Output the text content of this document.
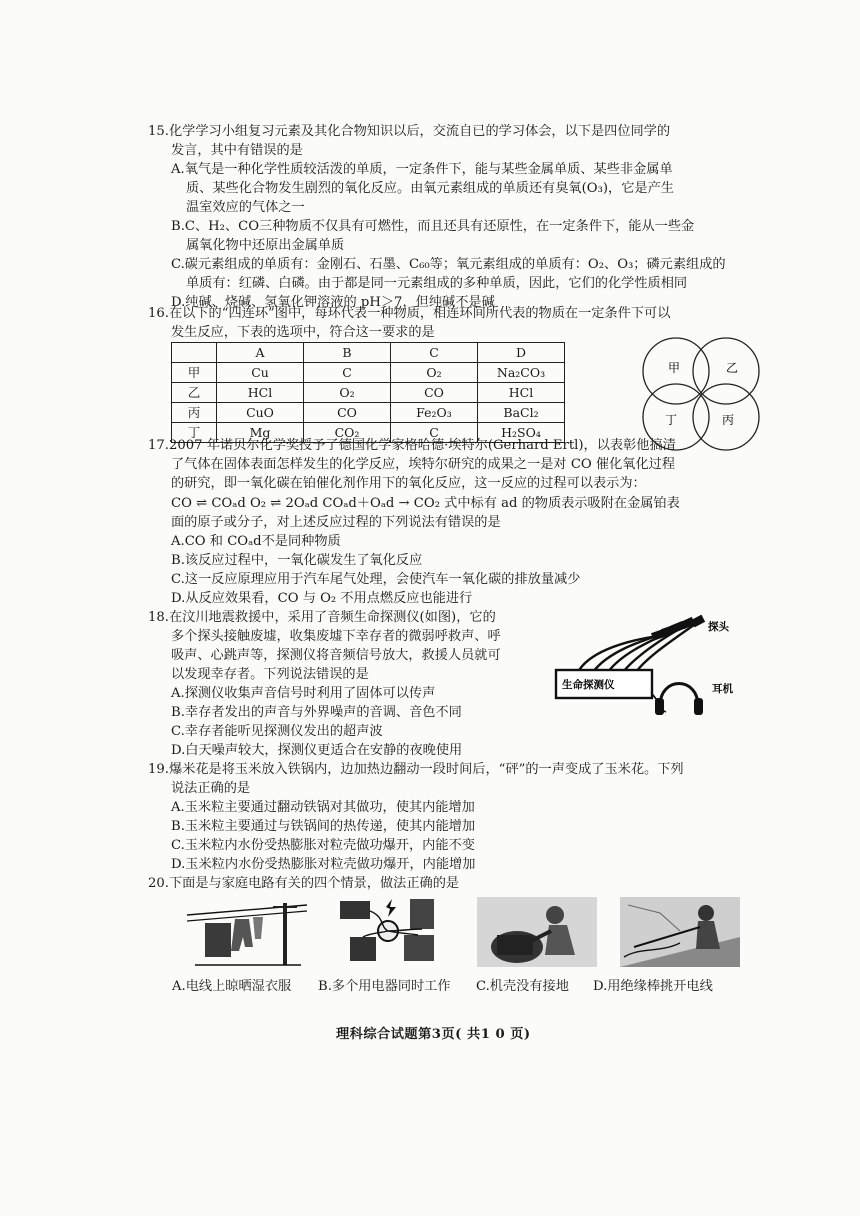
15.化学学习小组复习元素及其化合物知识以后，交流自已的学习体会，以下是四位同学的
发言，其中有错误的是
A.氧气是一种化学性质较活泼的单质，一定条件下，能与某些金属单质、某些非金属单
质、某些化合物发生剧烈的氧化反应。由氧元素组成的单质还有臭氧(O₃)，它是产生
温室效应的气体之一
B.C、H₂、CO三种物质不仅具有可燃性，而且还具有还原性，在一定条件下，能从一些金
属氧化物中还原出金属单质
C.碳元素组成的单质有：金刚石、石墨、C₆₀等；氧元素组成的单质有：O₂、O₃；磷元素组成的
单质有：红磷、白磷。由于都是同一元素组成的多种单质，因此，它们的化学性质相同
D.纯碱、烧碱、氢氧化钾溶液的 pH＞7，但纯碱不是碱
16.在以下的“四连环”图中，每环代表一种物质，相连环间所代表的物质在一定条件下可以
发生反应，下表的选项中，符合这一要求的是
	A	B	C	D
甲	Cu	C	O₂	Na₂CO₃
乙	HCl	O₂	CO	HCl
丙	CuO	CO	Fe₂O₃	BaCl₂
丁	Mg	CO₂	C	H₂SO₄
甲	乙
丁	丙
17.2007 年诺贝尔化学奖授予了德国化学家格哈德·埃特尔(Gerhard Ertl)，以表彰他搞清
了气体在固体表面怎样发生的化学反应，埃特尔研究的成果之一是对 CO 催化氧化过程
的研究，即一氧化碳在铂催化剂作用下的氧化反应，这一反应的过程可以表示为：
CO ⇌ COₐd O₂ ⇌ 2Oₐd COₐd＋Oₐd → CO₂ 式中标有 ad 的物质表示吸附在金属铂表
面的原子或分子，对上述反应过程的下列说法有错误的是
A.CO 和 COₐd不是同种物质
B.该反应过程中，一氧化碳发生了氧化反应
C.这一反应原理应用于汽车尾气处理，会使汽车一氧化碳的排放量减少
D.从反应效果看，CO 与 O₂ 不用点燃反应也能进行
18.在汶川地震救援中，采用了音频生命探测仪(如图)，它的
多个探头接触废墟，收集废墟下幸存者的微弱呼救声、呼
吸声、心跳声等，探测仪将音频信号放大，救援人员就可
以发现幸存者。下列说法错误的是
A.探测仪收集声音信号时利用了固体可以传声
B.幸存者发出的声音与外界噪声的音调、音色不同
C.幸存者能听见探测仪发出的超声波
D.白天噪声较大，探测仪更适合在安静的夜晚使用
探头
生命探测仪	耳机
19.爆米花是将玉米放入铁锅内，边加热边翻动一段时间后，“砰”的一声变成了玉米花。下列
说法正确的是
A.玉米粒主要通过翻动铁锅对其做功，使其内能增加
B.玉米粒主要通过与铁锅间的热传递，使其内能增加
C.玉米粒内水份受热膨胀对粒壳做功爆开，内能不变
D.玉米粒内水份受热膨胀对粒壳做功爆开，内能增加
20.下面是与家庭电路有关的四个情景，做法正确的是
A.电线上晾晒湿衣服 B.多个用电器同时工作 C.机壳没有接地 D.用绝缘棒挑开电线
理科综合试题第3页( 共1 0 页)
